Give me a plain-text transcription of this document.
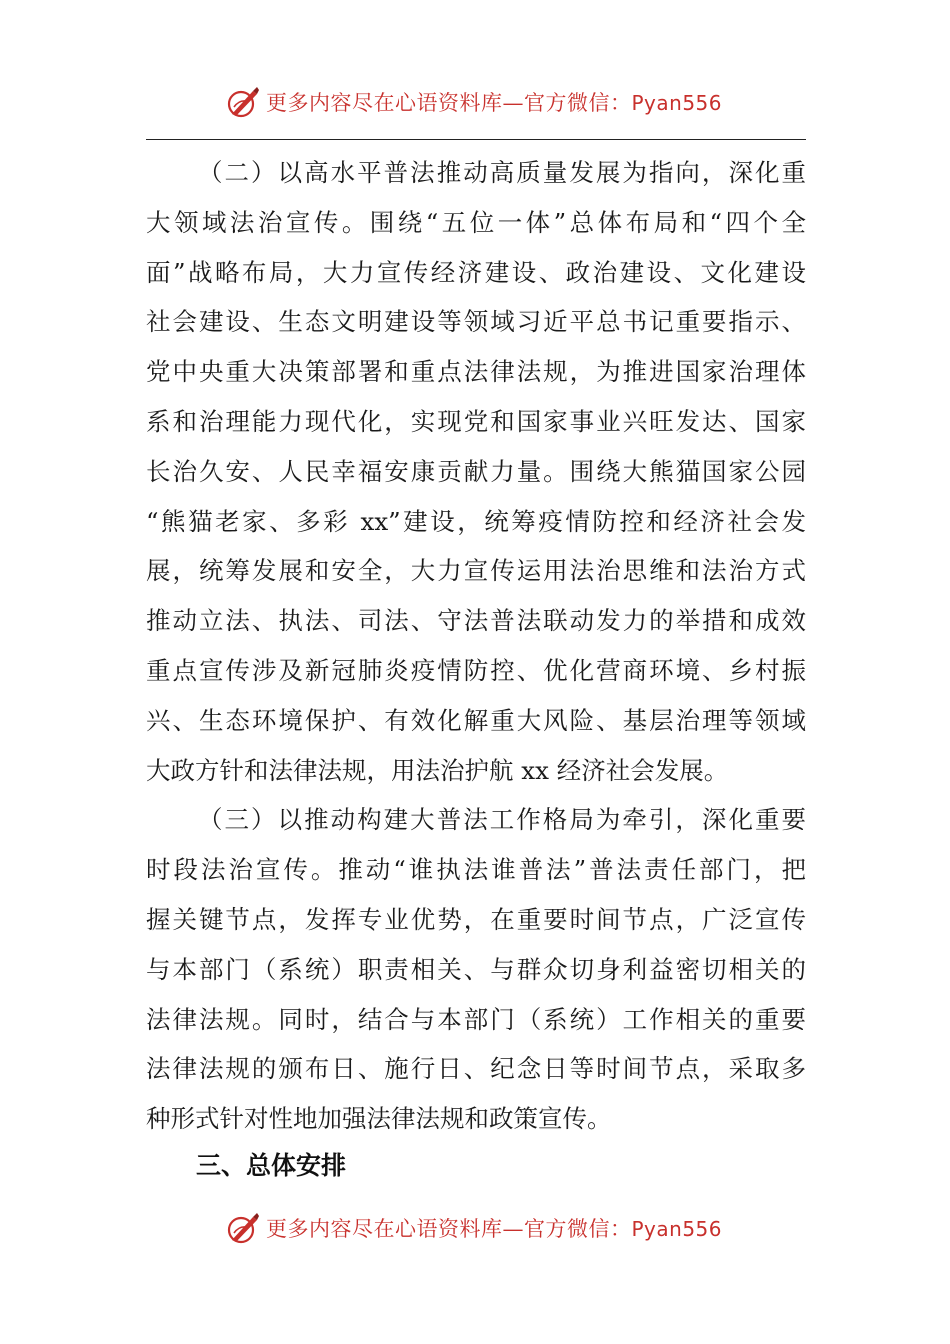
更多内容尽在心语资料库—官方微信：Pyan556
（二）以高水平普法推动高质量发展为指向，深化重
大领域法治宣传。围绕“五位一体”总体布局和“四个全
面”战略布局，大力宣传经济建设、政治建设、文化建设
社会建设、生态文明建设等领域习近平总书记重要指示、
党中央重大决策部署和重点法律法规，为推进国家治理体
系和治理能力现代化，实现党和国家事业兴旺发达、国家
长治久安、人民幸福安康贡献力量。围绕大熊猫国家公园
“熊猫老家、多彩 xx”建设，统筹疫情防控和经济社会发
展，统筹发展和安全，大力宣传运用法治思维和法治方式
推动立法、执法、司法、守法普法联动发力的举措和成效
重点宣传涉及新冠肺炎疫情防控、优化营商环境、乡村振
兴、生态环境保护、有效化解重大风险、基层治理等领域
大政方针和法律法规，用法治护航 xx 经济社会发展。
（三）以推动构建大普法工作格局为牵引，深化重要
时段法治宣传。推动“谁执法谁普法”普法责任部门，把
握关键节点，发挥专业优势，在重要时间节点，广泛宣传
与本部门（系统）职责相关、与群众切身利益密切相关的
法律法规。同时，结合与本部门（系统）工作相关的重要
法律法规的颁布日、施行日、纪念日等时间节点，采取多
种形式针对性地加强法律法规和政策宣传。
三、总体安排
更多内容尽在心语资料库—官方微信：Pyan556
